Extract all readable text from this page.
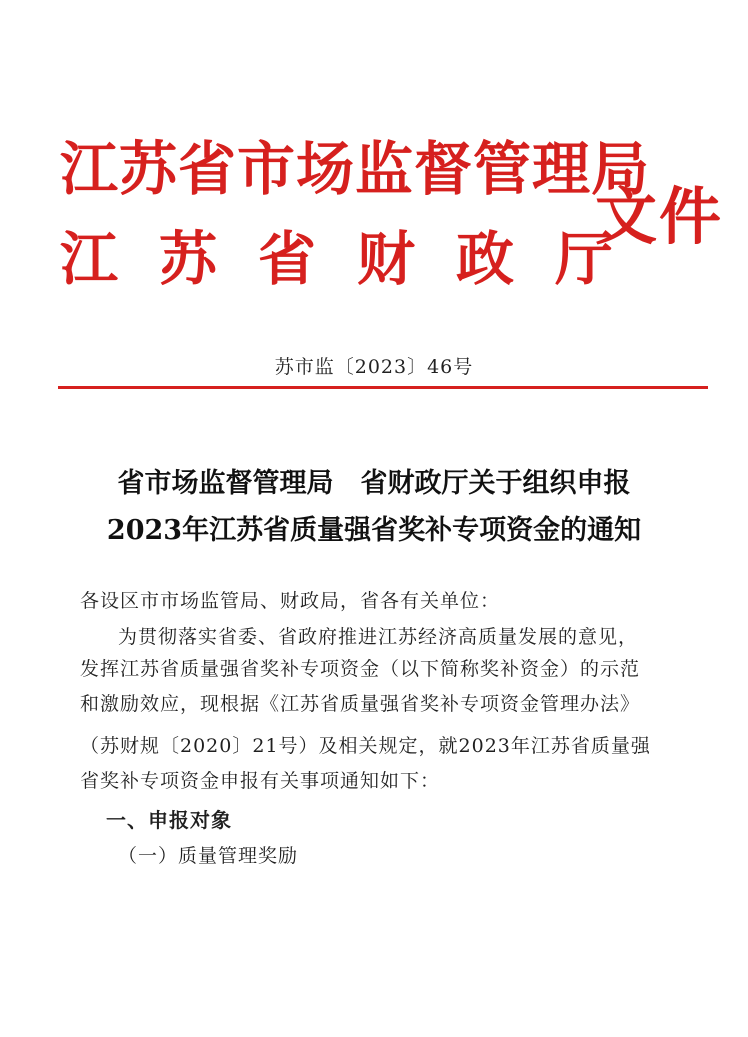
江苏省市场监督管理局
江苏省财政厅
文件
苏市监〔2023〕46号
省市场监督管理局　省财政厅关于组织申报
2023年江苏省质量强省奖补专项资金的通知
各设区市市场监管局、财政局，省各有关单位：
为贯彻落实省委、省政府推进江苏经济高质量发展的意见，
发挥江苏省质量强省奖补专项资金（以下简称奖补资金）的示范
和激励效应，现根据《江苏省质量强省奖补专项资金管理办法》
（苏财规〔2020〕21号）及相关规定，就2023年江苏省质量强
省奖补专项资金申报有关事项通知如下：
一、申报对象
（一）质量管理奖励
